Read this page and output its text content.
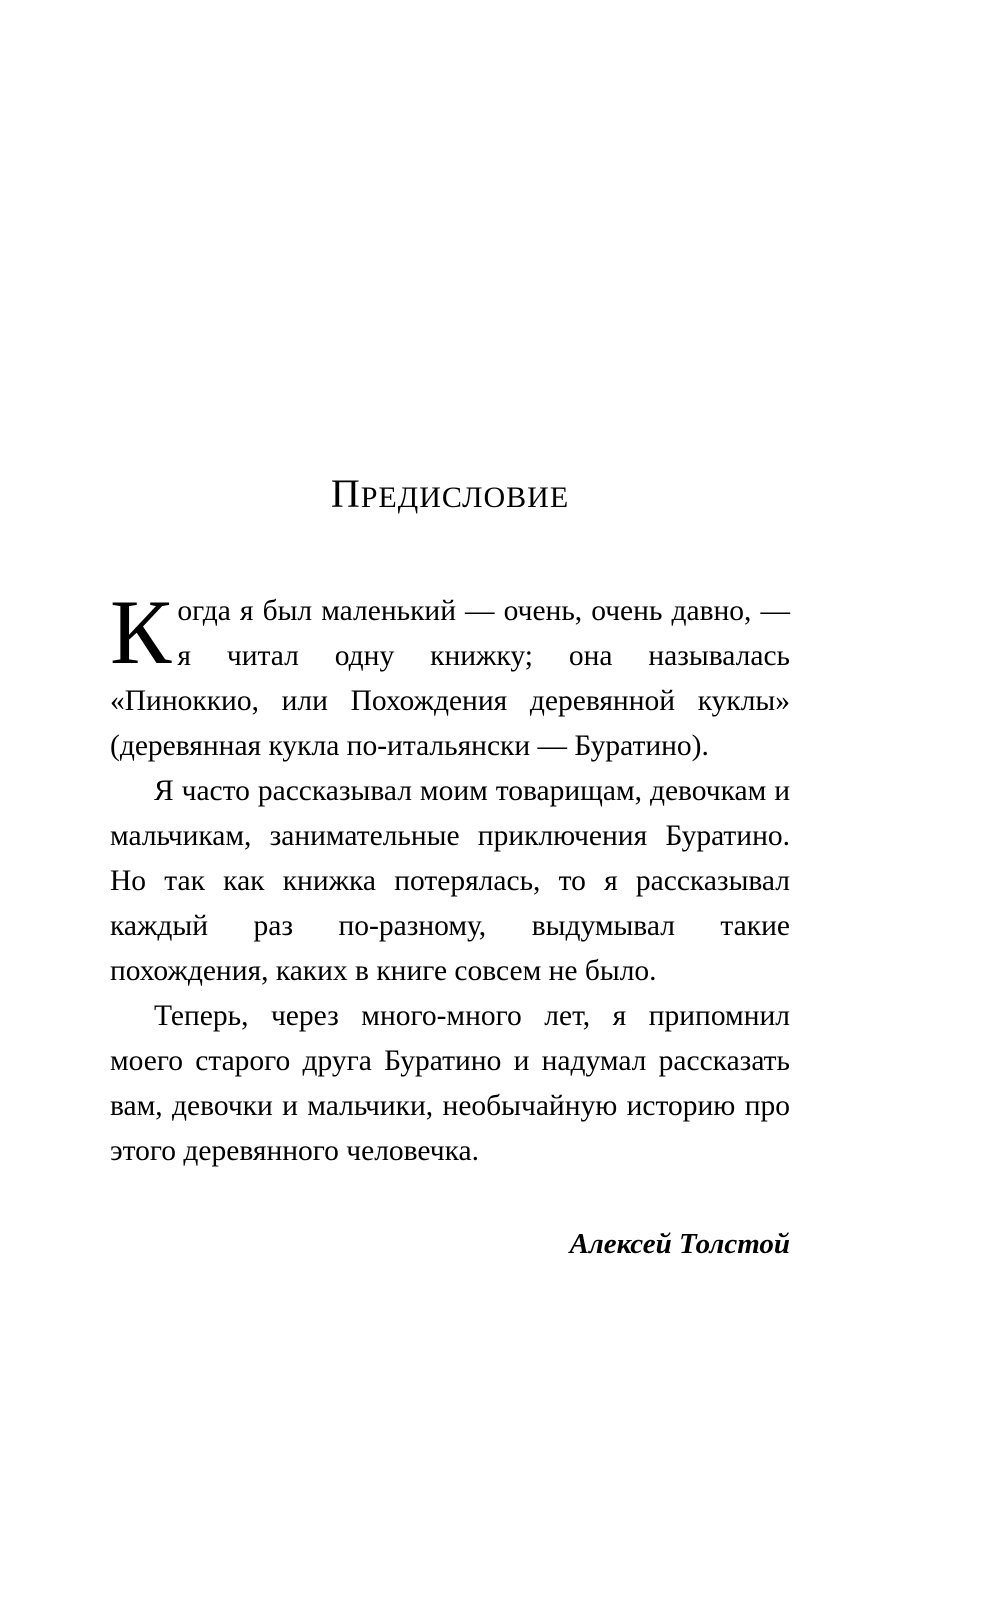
ПРЕДИСЛОВИЕ

Когда я был маленький — очень, очень давно, — я читал одну книжку; она называлась «Пиноккио, или Похождения деревянной куклы» (деревянная кукла по-итальянски — Буратино).

Я часто рассказывал моим товарищам, девочкам и мальчикам, занимательные приключения Буратино. Но так как книжка потерялась, то я рассказывал каждый раз по-разному, выдумывал такие похождения, каких в книге совсем не было.

Теперь, через много-много лет, я припомнил моего старого друга Буратино и надумал рассказать вам, девочки и мальчики, необычайную историю про этого деревянного человечка.

Алексей Толстой
